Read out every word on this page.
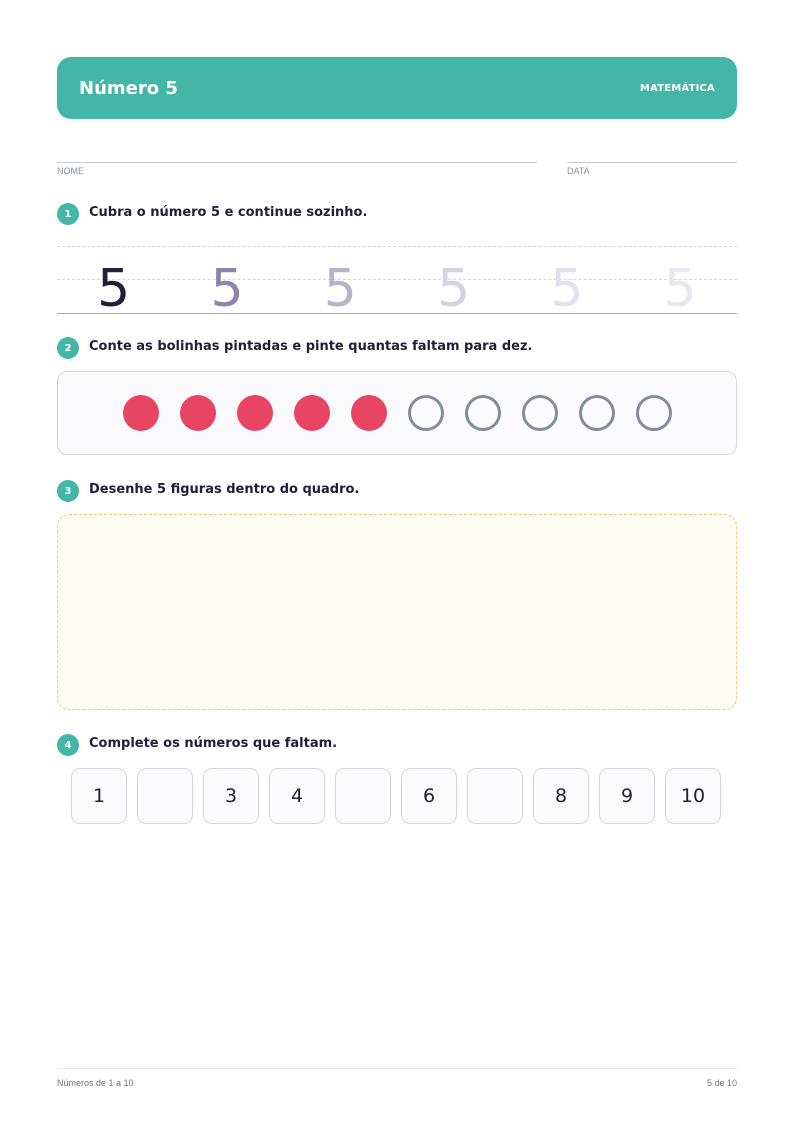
Número 5	MATEMÁTICA
NOME	DATA
1	Cubra o número 5 e continue sozinho.
5	5	5	5	5	5
2	Conte as bolinhas pintadas e pinte quantas faltam para dez.
3	Desenhe 5 figuras dentro do quadro.
4	Complete os números que faltam.
1	3	4	6	8	9	10
Números de 1 a 10	5 de 10
